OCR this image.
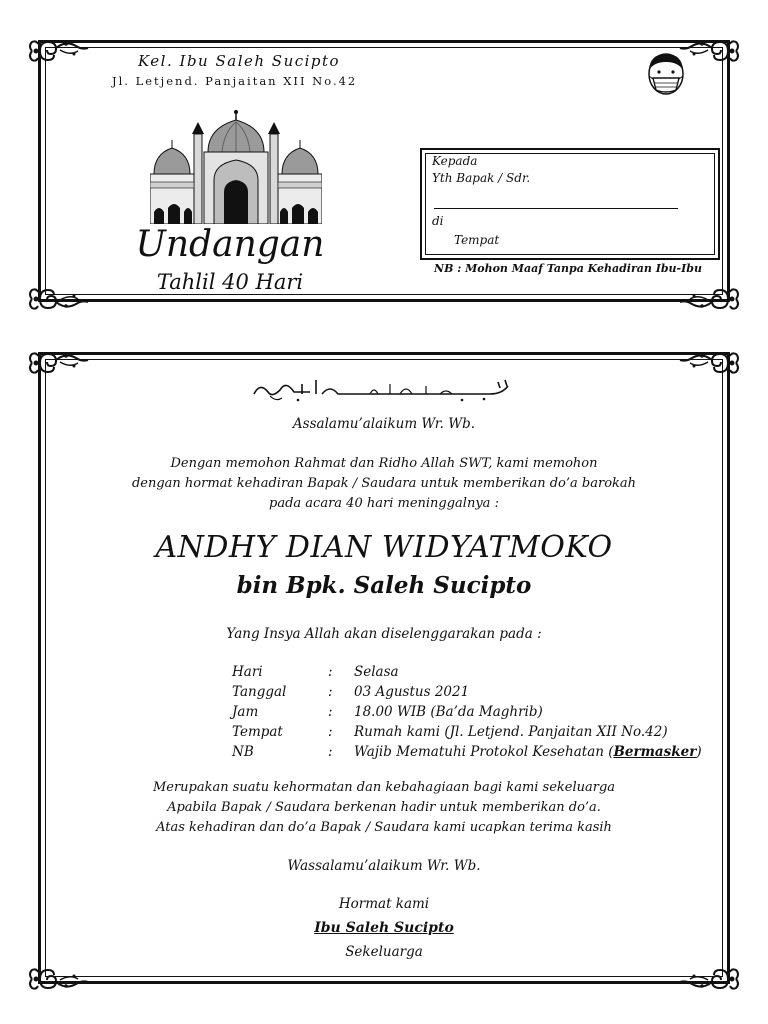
Kel. Ibu Saleh Sucipto
Jl. Letjend. Panjaitan XII No.42
Undangan
Tahlil 40 Hari
Kepada
Yth Bapak / Sdr.
di
Tempat
NB : Mohon Maaf Tanpa Kehadiran Ibu-Ibu
Assalamu’alaikum Wr. Wb.
Dengan memohon Rahmat dan Ridho Allah SWT, kami memohon
dengan hormat kehadiran Bapak / Saudara untuk memberikan do’a barokah
pada acara 40 hari meninggalnya :
ANDHY DIAN WIDYATMOKO
bin Bpk. Saleh Sucipto
Yang Insya Allah akan diselenggarakan pada :
Hari	: Selasa
Tanggal	: 03 Agustus 2021
Jam	: 18.00 WIB (Ba’da Maghrib)
Tempat	: Rumah kami (Jl. Letjend. Panjaitan XII No.42)
NB	: Wajib Mematuhi Protokol Kesehatan (Bermasker)
Merupakan suatu kehormatan dan kebahagiaan bagi kami sekeluarga
Apabila Bapak / Saudara berkenan hadir untuk memberikan do’a.
Atas kehadiran dan do’a Bapak / Saudara kami ucapkan terima kasih
Wassalamu’alaikum Wr. Wb.
Hormat kami
Ibu Saleh Sucipto
Sekeluarga
